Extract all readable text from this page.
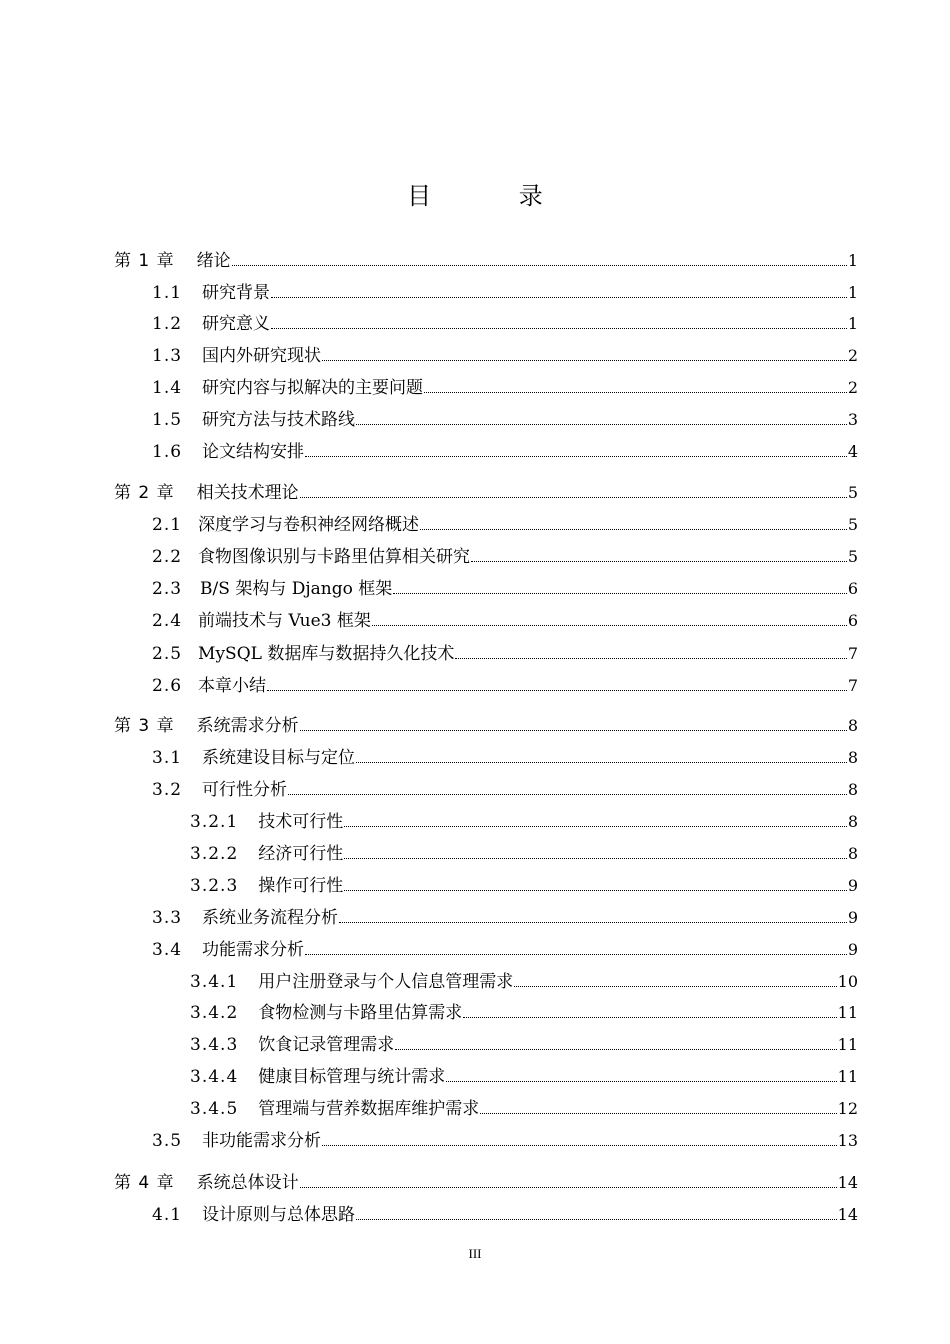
目 录
第 1 章 绪论	1
1.1 研究背景	1
1.2 研究意义	1
1.3 国内外研究现状	2
1.4 研究内容与拟解决的主要问题	2
1.5 研究方法与技术路线	3
1.6 论文结构安排	4
第 2 章 相关技术理论	5
2.1 深度学习与卷积神经网络概述	5
2.2 食物图像识别与卡路里估算相关研究	5
2.3 B/S 架构与 Django 框架	6
2.4 前端技术与 Vue3 框架	6
2.5 MySQL 数据库与数据持久化技术	7
2.6 本章小结	7
第 3 章 系统需求分析	8
3.1 系统建设目标与定位	8
3.2 可行性分析	8
3.2.1 技术可行性	8
3.2.2 经济可行性	8
3.2.3 操作可行性	9
3.3 系统业务流程分析	9
3.4 功能需求分析	9
3.4.1 用户注册登录与个人信息管理需求	10
3.4.2 食物检测与卡路里估算需求	11
3.4.3 饮食记录管理需求	11
3.4.4 健康目标管理与统计需求	11
3.4.5 管理端与营养数据库维护需求	12
3.5 非功能需求分析	13
第 4 章 系统总体设计	14
4.1 设计原则与总体思路	14
III
